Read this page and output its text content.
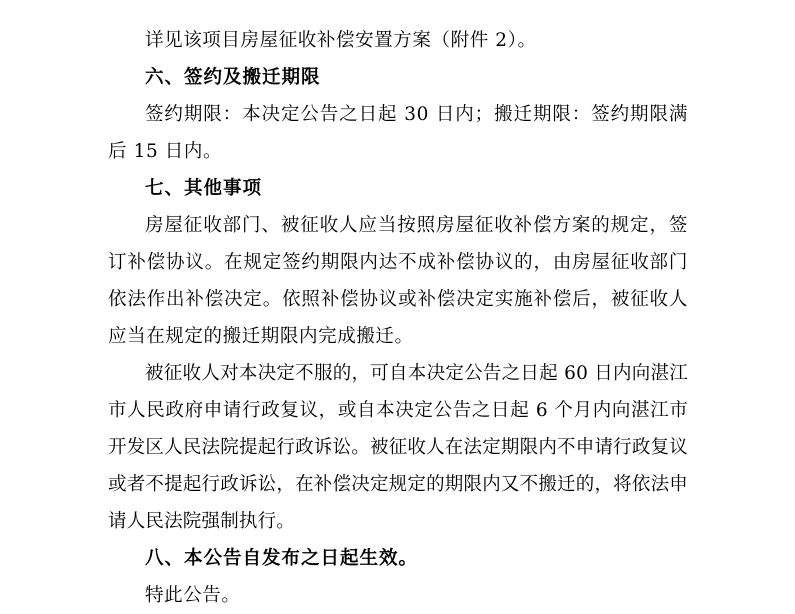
详见该项目房屋征收补偿安置方案（附件 2）。

六、签约及搬迁期限

签约期限：本决定公告之日起 30 日内；搬迁期限：签约期限满后 15 日内。

七、其他事项

房屋征收部门、被征收人应当按照房屋征收补偿方案的规定，签订补偿协议。在规定签约期限内达不成补偿协议的，由房屋征收部门依法作出补偿决定。依照补偿协议或补偿决定实施补偿后，被征收人应当在规定的搬迁期限内完成搬迁。

被征收人对本决定不服的，可自本决定公告之日起 60 日内向湛江市人民政府申请行政复议，或自本决定公告之日起 6 个月内向湛江市开发区人民法院提起行政诉讼。被征收人在法定期限内不申请行政复议或者不提起行政诉讼，在补偿决定规定的期限内又不搬迁的，将依法申请人民法院强制执行。

八、本公告自发布之日起生效。

特此公告。
